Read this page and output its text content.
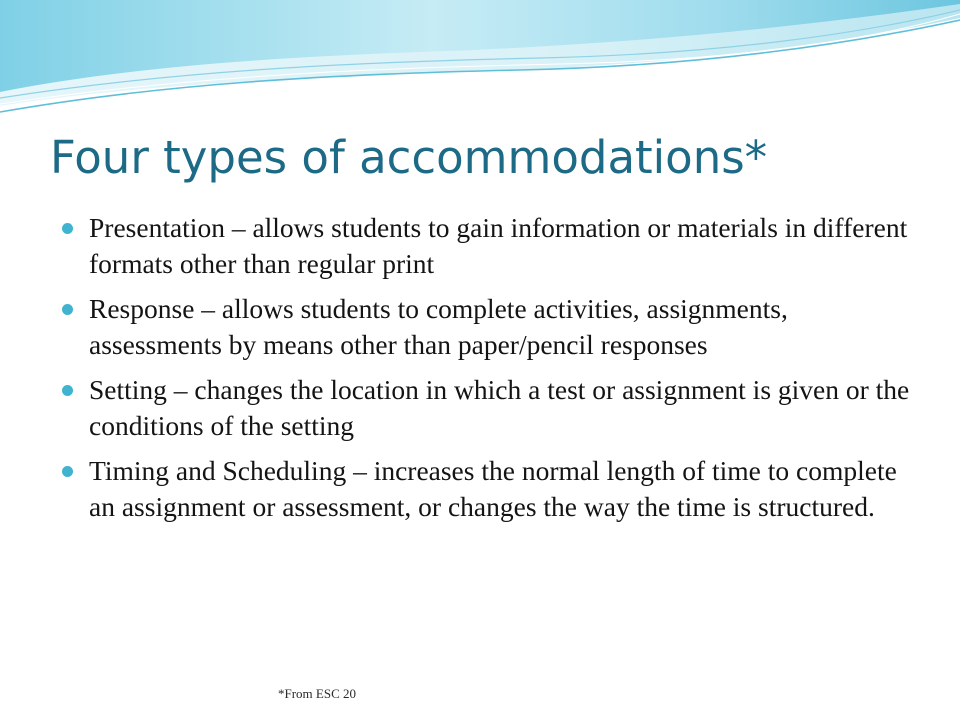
Four types of accommodations*
Presentation – allows students to gain information or materials in different formats other than regular print
Response – allows students to complete activities, assignments, assessments by means other than paper/pencil responses
Setting – changes the location in which a test or assignment is given or the conditions of the setting
Timing and Scheduling – increases the normal length of time to complete an assignment or assessment, or changes the way the time is structured.
*From ESC 20
